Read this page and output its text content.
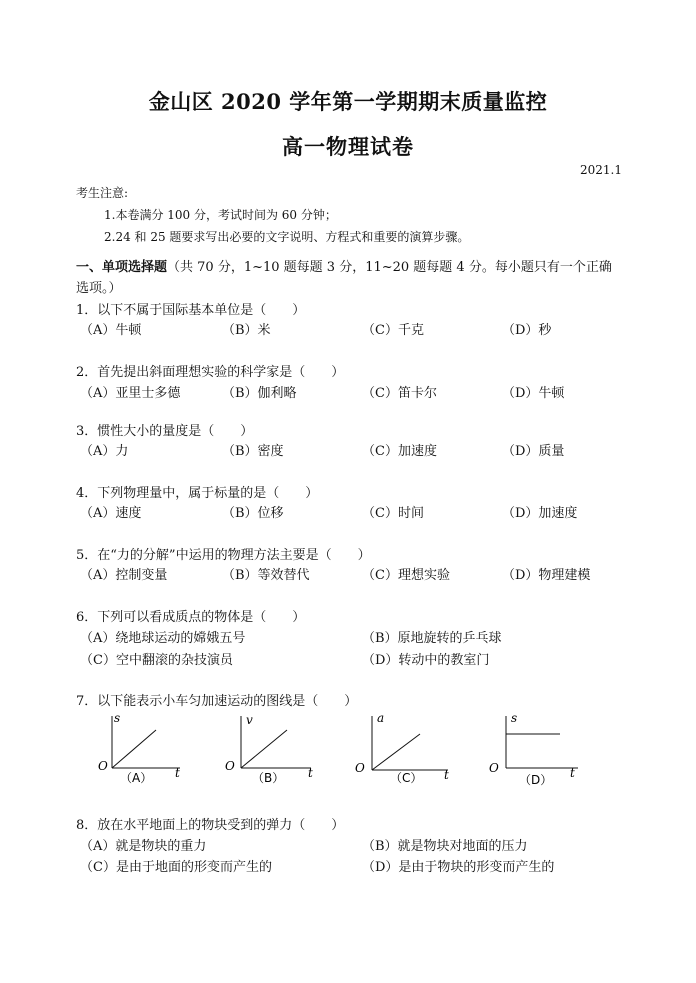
金山区 2020 学年第一学期期末质量监控
高一物理试卷
2021.1
考生注意:
1.本卷满分 100 分，考试时间为 60 分钟；
2.24 和 25 题要求写出必要的文字说明、方程式和重要的演算步骤。
一、单项选择题（共 70 分，1~10 题每题 3 分，11~20 题每题 4 分。每小题只有一个正确
选项。）
1．以下不属于国际基本单位是（　　）
（A）牛顿	（B）米	（C）千克	（D）秒
2．首先提出斜面理想实验的科学家是（　　）
（A）亚里士多德	（B）伽利略	（C）笛卡尔	（D）牛顿
3．惯性大小的量度是（　　）
（A）力	（B）密度	（C）加速度	（D）质量
4．下列物理量中，属于标量的是（　　）
（A）速度	（B）位移	（C）时间	（D）加速度
5．在“力的分解”中运用的物理方法主要是（　　）
（A）控制变量	（B）等效替代	（C）理想实验	（D）物理建模
6．下列可以看成质点的物体是（　　）
（A）绕地球运动的嫦娥五号	（B）原地旋转的乒乓球
（C）空中翻滚的杂技演员	（D）转动中的教室门
7．以下能表示小车匀加速运动的图线是（　　）
s
O	t
（A）
v
O	t
（B）
a
O	t
（C）
s
O	t
（D）
8．放在水平地面上的物块受到的弹力（　　）
（A）就是物块的重力	（B）就是物块对地面的压力
（C）是由于地面的形变而产生的	（D）是由于物块的形变而产生的
